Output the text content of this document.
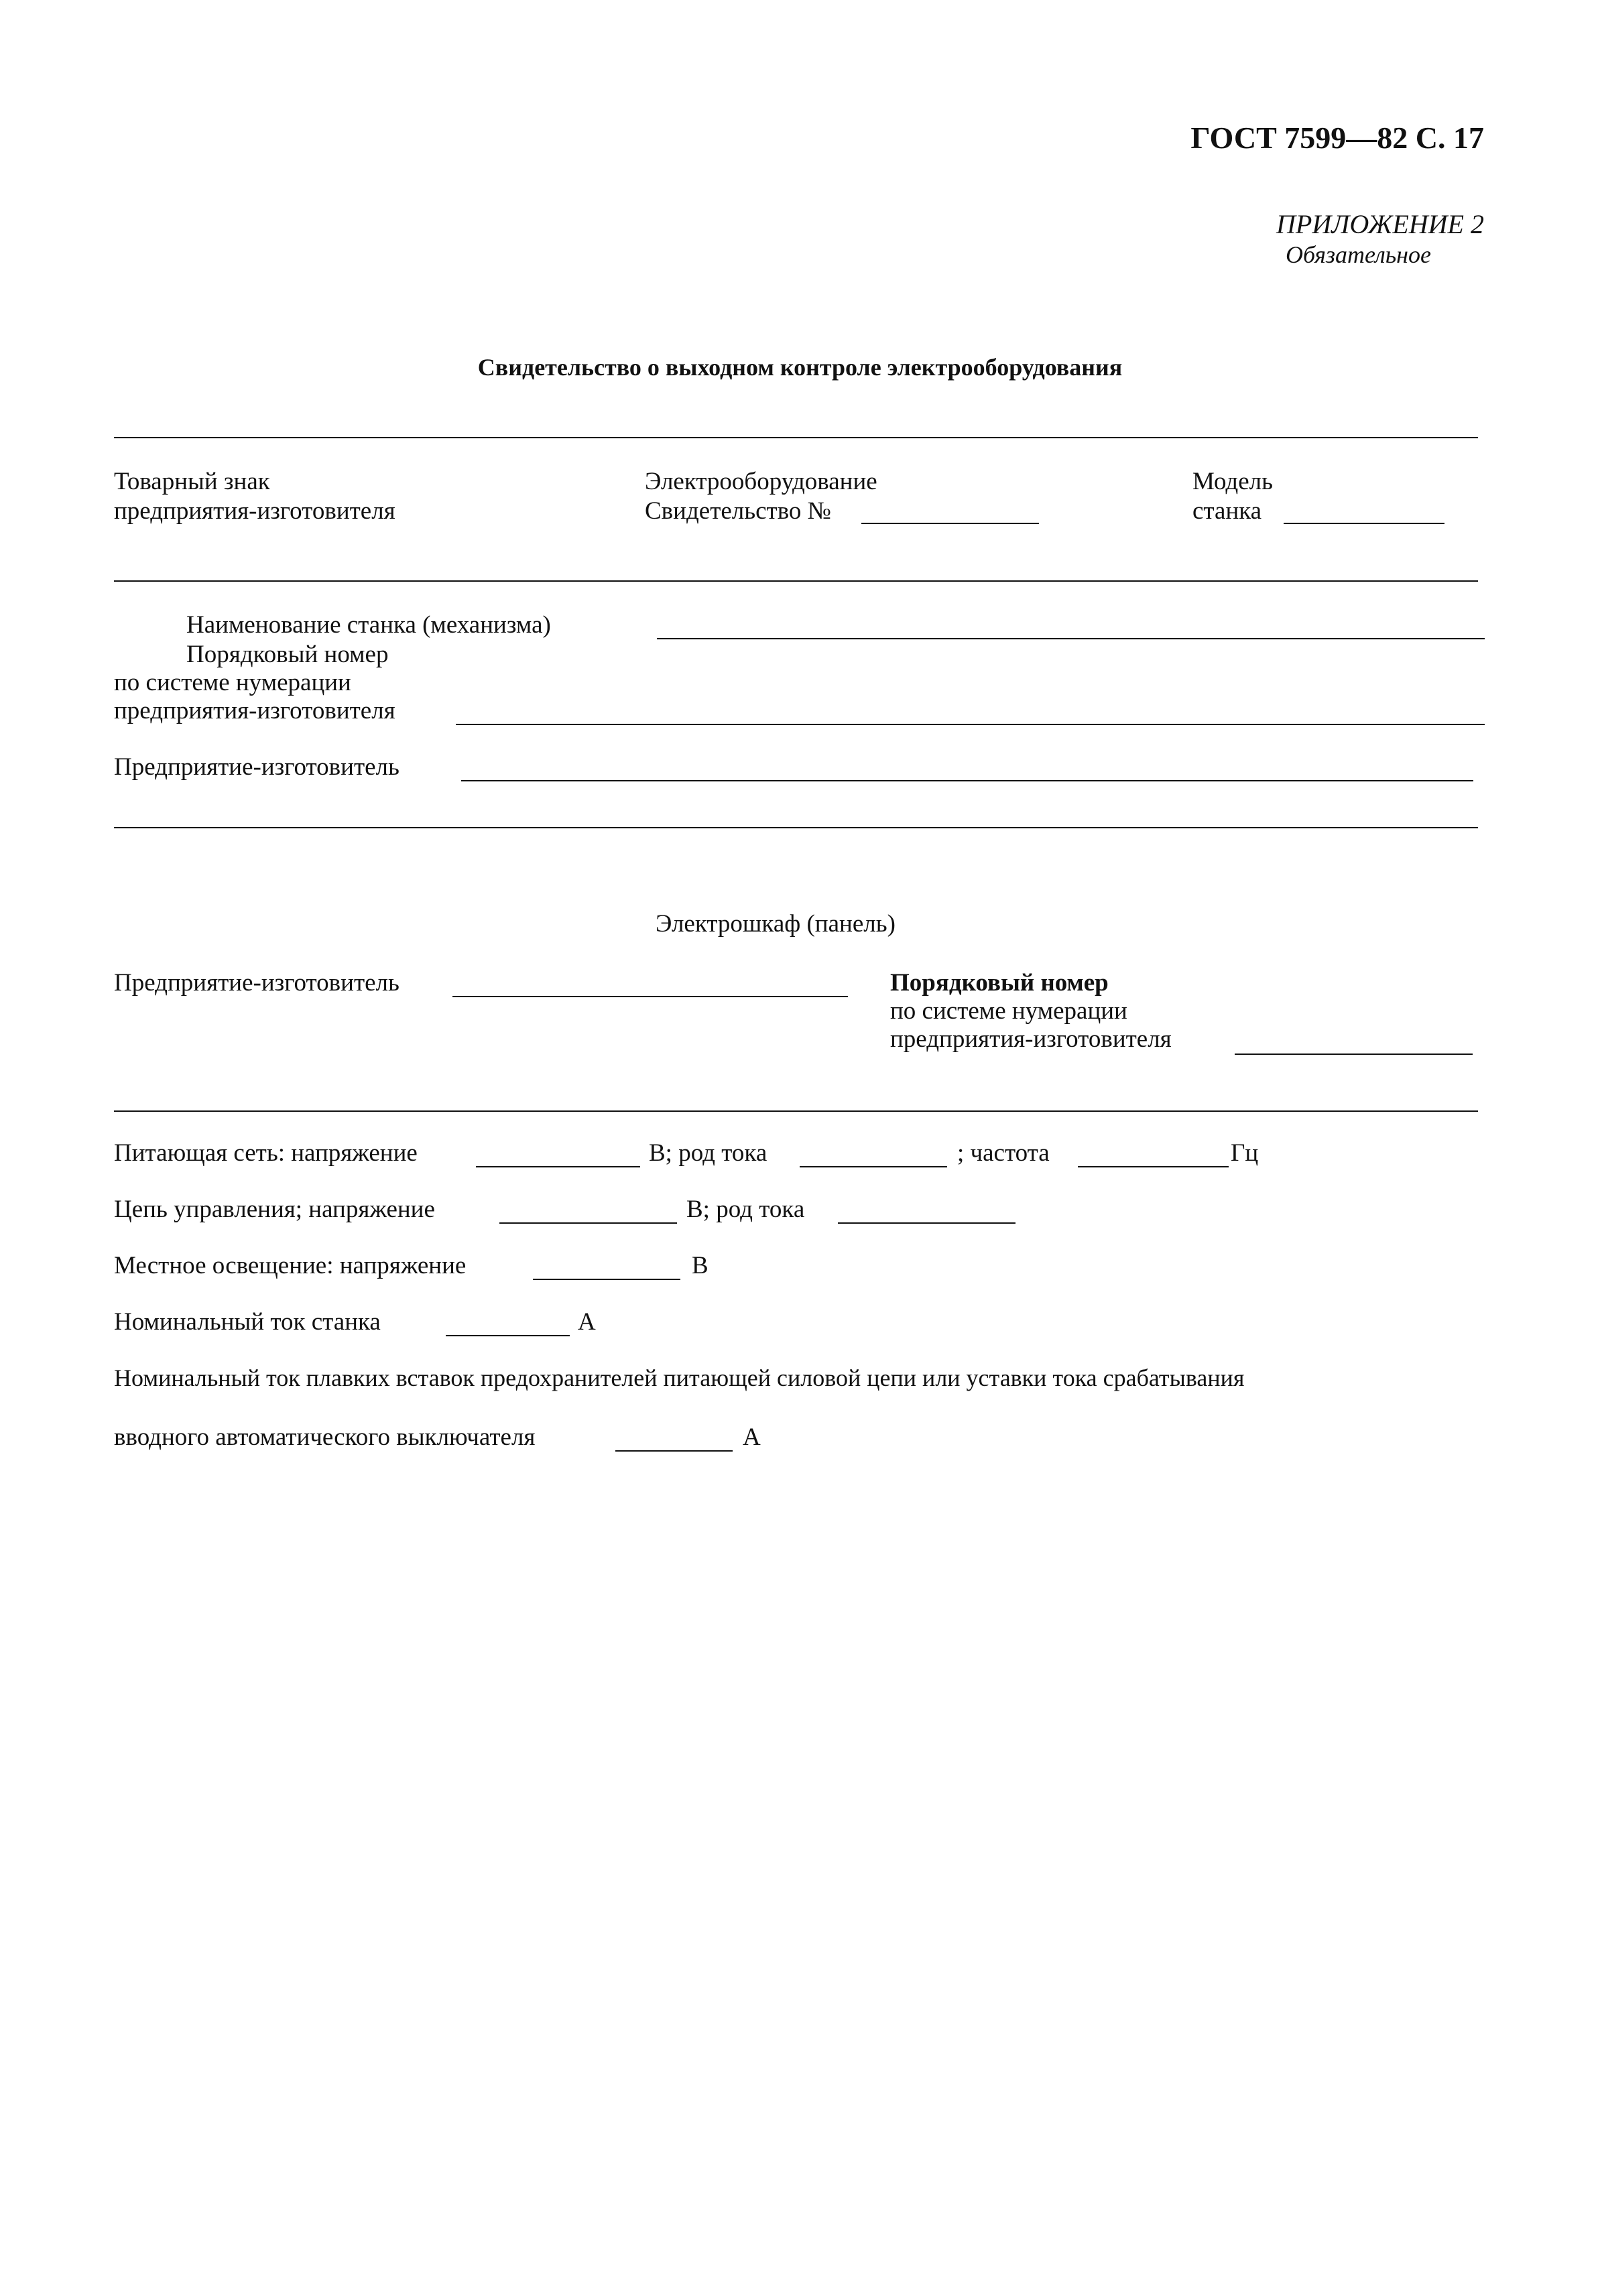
ГОСТ 7599—82 С. 17
ПРИЛОЖЕНИЕ 2
Обязательное
Свидетельство о выходном контроле электрооборудования
Товарный знак
предприятия-изготовителя
Электрооборудование
Свидетельство №
Модель
станка
Наименование станка (механизма)
Порядковый номер
по системе нумерации
предприятия-изготовителя
Предприятие-изготовитель
Электрошкаф (панель)
Предприятие-изготовитель	Порядковый номер
по системе нумерации
предприятия-изготовителя
Питающая сеть: напряжение	В; род тока	; частота	Гц
Цепь управления; напряжение	В; род тока
Местное освещение: напряжение	В
Номинальный ток станка	А
Номинальный ток плавких вставок предохранителей питающей силовой цепи или уставки тока срабатывания
вводного автоматического выключателя	А
